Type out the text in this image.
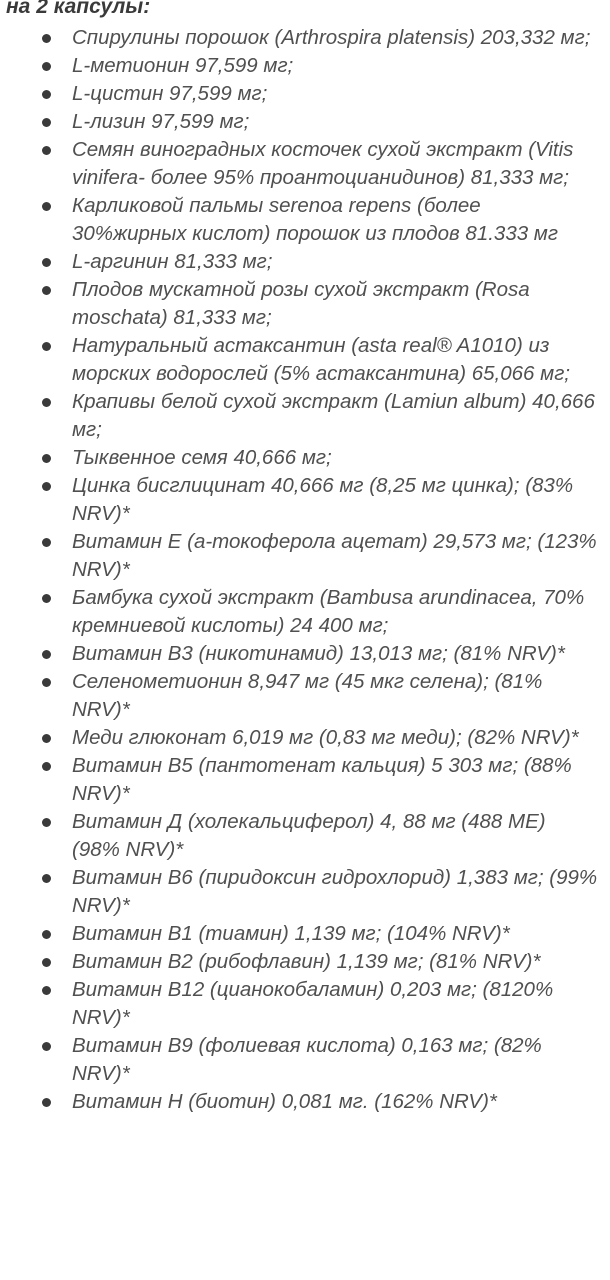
на 2 капсулы:

Спирулины порошок (Arthrospira platensis) 203,332 мг;
L-метионин 97,599 мг;
L-цистин 97,599 мг;
L-лизин 97,599 мг;
Семян виноградных косточек сухой экстракт (Vitis vinifera- более 95% проантоцианидинов) 81,333 мг;
Карликовой пальмы serenoa repens (более 30%жирных кислот) порошок из плодов 81.333 мг
L-аргинин 81,333 мг;
Плодов мускатной розы сухой экстракт (Rosa moschata) 81,333 мг;
Натуральный астаксантин (asta real® A1010) из морских водорослей (5% астаксантина) 65,066 мг;
Крапивы белой сухой экстракт (Lamiun album) 40,666 мг;
Тыквенное семя 40,666 мг;
Цинка бисглицинат 40,666 мг (8,25 мг цинка); (83% NRV)*
Витамин Е (а-токоферола ацетат) 29,573 мг; (123% NRV)*
Бамбука сухой экстракт (Bambusa arundinacea, 70% кремниевой кислоты) 24 400 мг;
Витамин В3 (никотинамид) 13,013 мг; (81% NRV)*
Селенометионин 8,947 мг (45 мкг селена); (81% NRV)*
Меди глюконат 6,019 мг (0,83 мг меди); (82% NRV)*
Витамин В5 (пантотенат кальция) 5 303 мг; (88% NRV)*
Витамин Д (холекальциферол) 4, 88 мг (488 МЕ) (98% NRV)*
Витамин В6 (пиридоксин гидрохлорид) 1,383 мг; (99% NRV)*
Витамин В1 (тиамин) 1,139 мг; (104% NRV)*
Витамин В2 (рибофлавин) 1,139 мг; (81% NRV)*
Витамин В12 (цианокобаламин) 0,203 мг; (8120% NRV)*
Витамин В9 (фолиевая кислота) 0,163 мг; (82% NRV)*
Витамин Н (биотин) 0,081 мг. (162% NRV)*
